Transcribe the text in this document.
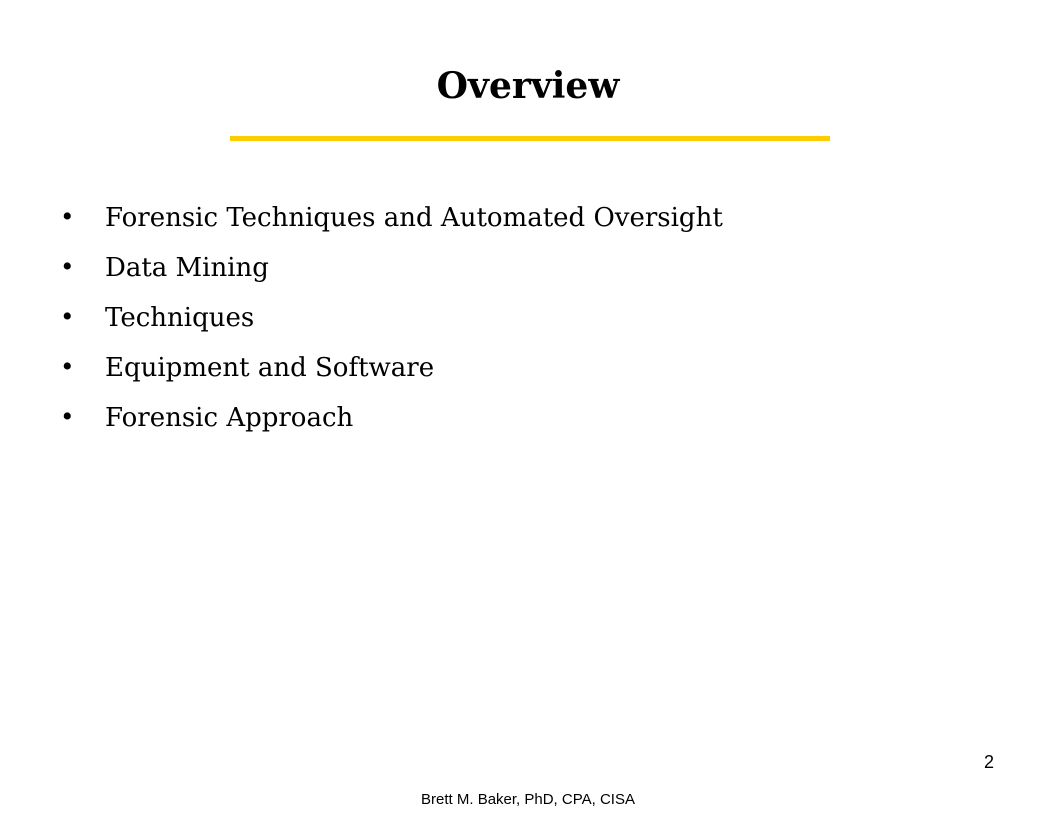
Overview
•	Forensic Techniques and Automated Oversight
•	Data Mining
•	Techniques
•	Equipment and Software
•	Forensic Approach
2
Brett M. Baker, PhD, CPA, CISA
